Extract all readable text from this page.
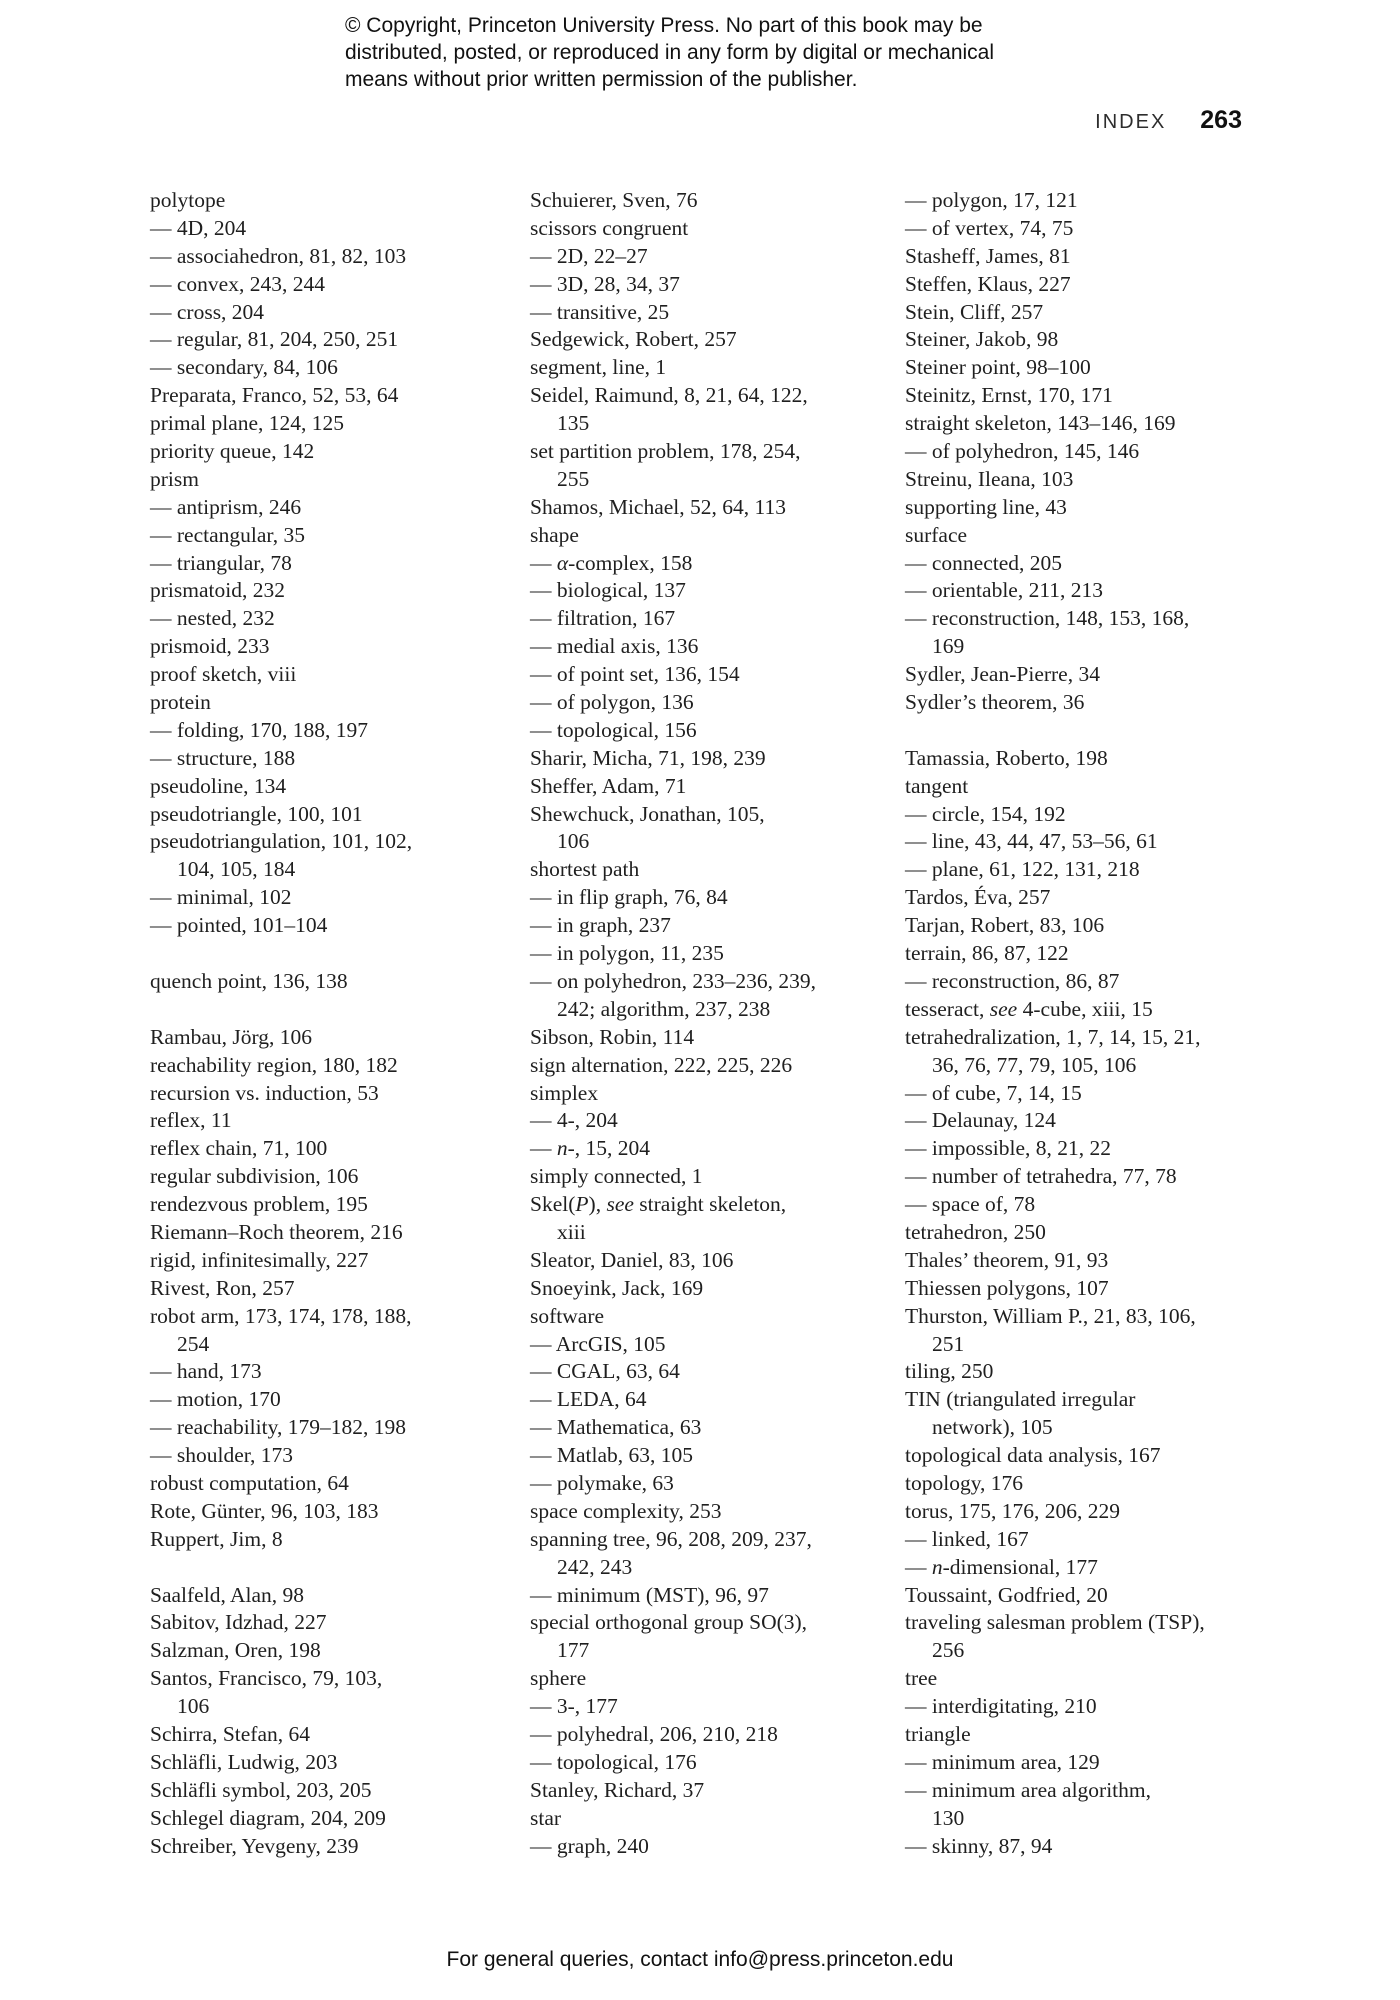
© Copyright, Princeton University Press. No part of this book may be
distributed, posted, or reproduced in any form by digital or mechanical
means without prior written permission of the publisher.
INDEX 263
polytope
— 4D, 204
— associahedron, 81, 82, 103
— convex, 243, 244
— cross, 204
— regular, 81, 204, 250, 251
— secondary, 84, 106
Preparata, Franco, 52, 53, 64
primal plane, 124, 125
priority queue, 142
prism
— antiprism, 246
— rectangular, 35
— triangular, 78
prismatoid, 232
— nested, 232
prismoid, 233
proof sketch, viii
protein
— folding, 170, 188, 197
— structure, 188
pseudoline, 134
pseudotriangle, 100, 101
pseudotriangulation, 101, 102,
104, 105, 184
— minimal, 102
— pointed, 101–104

quench point, 136, 138

Rambau, Jörg, 106
reachability region, 180, 182
recursion vs. induction, 53
reflex, 11
reflex chain, 71, 100
regular subdivision, 106
rendezvous problem, 195
Riemann–Roch theorem, 216
rigid, infinitesimally, 227
Rivest, Ron, 257
robot arm, 173, 174, 178, 188,
254
— hand, 173
— motion, 170
— reachability, 179–182, 198
— shoulder, 173
robust computation, 64
Rote, Günter, 96, 103, 183
Ruppert, Jim, 8

Saalfeld, Alan, 98
Sabitov, Idzhad, 227
Salzman, Oren, 198
Santos, Francisco, 79, 103,
106
Schirra, Stefan, 64
Schläfli, Ludwig, 203
Schläfli symbol, 203, 205
Schlegel diagram, 204, 209
Schreiber, Yevgeny, 239
Schuierer, Sven, 76
scissors congruent
— 2D, 22–27
— 3D, 28, 34, 37
— transitive, 25
Sedgewick, Robert, 257
segment, line, 1
Seidel, Raimund, 8, 21, 64, 122,
135
set partition problem, 178, 254,
255
Shamos, Michael, 52, 64, 113
shape
— α-complex, 158
— biological, 137
— filtration, 167
— medial axis, 136
— of point set, 136, 154
— of polygon, 136
— topological, 156
Sharir, Micha, 71, 198, 239
Sheffer, Adam, 71
Shewchuck, Jonathan, 105,
106
shortest path
— in flip graph, 76, 84
— in graph, 237
— in polygon, 11, 235
— on polyhedron, 233–236, 239,
242; algorithm, 237, 238
Sibson, Robin, 114
sign alternation, 222, 225, 226
simplex
— 4-, 204
— n-, 15, 204
simply connected, 1
Skel(P), see straight skeleton,
xiii
Sleator, Daniel, 83, 106
Snoeyink, Jack, 169
software
— ArcGIS, 105
— CGAL, 63, 64
— LEDA, 64
— Mathematica, 63
— Matlab, 63, 105
— polymake, 63
space complexity, 253
spanning tree, 96, 208, 209, 237,
242, 243
— minimum (MST), 96, 97
special orthogonal group SO(3),
177
sphere
— 3-, 177
— polyhedral, 206, 210, 218
— topological, 176
Stanley, Richard, 37
star
— graph, 240
— polygon, 17, 121
— of vertex, 74, 75
Stasheff, James, 81
Steffen, Klaus, 227
Stein, Cliff, 257
Steiner, Jakob, 98
Steiner point, 98–100
Steinitz, Ernst, 170, 171
straight skeleton, 143–146, 169
— of polyhedron, 145, 146
Streinu, Ileana, 103
supporting line, 43
surface
— connected, 205
— orientable, 211, 213
— reconstruction, 148, 153, 168,
169
Sydler, Jean-Pierre, 34
Sydler’s theorem, 36

Tamassia, Roberto, 198
tangent
— circle, 154, 192
— line, 43, 44, 47, 53–56, 61
— plane, 61, 122, 131, 218
Tardos, Éva, 257
Tarjan, Robert, 83, 106
terrain, 86, 87, 122
— reconstruction, 86, 87
tesseract, see 4-cube, xiii, 15
tetrahedralization, 1, 7, 14, 15, 21,
36, 76, 77, 79, 105, 106
— of cube, 7, 14, 15
— Delaunay, 124
— impossible, 8, 21, 22
— number of tetrahedra, 77, 78
— space of, 78
tetrahedron, 250
Thales’ theorem, 91, 93
Thiessen polygons, 107
Thurston, William P., 21, 83, 106,
251
tiling, 250
TIN (triangulated irregular
network), 105
topological data analysis, 167
topology, 176
torus, 175, 176, 206, 229
— linked, 167
— n-dimensional, 177
Toussaint, Godfried, 20
traveling salesman problem (TSP),
256
tree
— interdigitating, 210
triangle
— minimum area, 129
— minimum area algorithm,
130
— skinny, 87, 94
For general queries, contact info@press.princeton.edu
